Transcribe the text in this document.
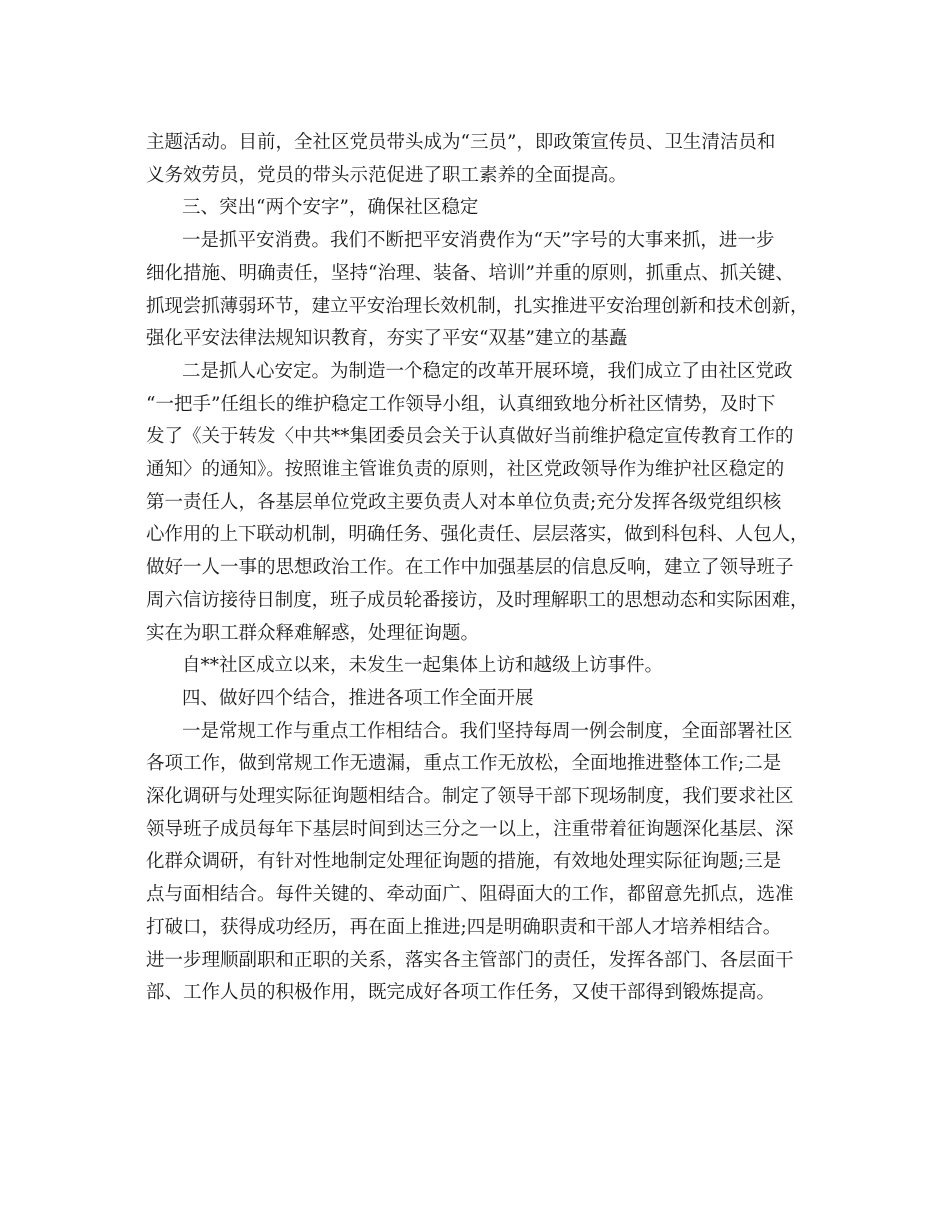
主题活动。目前，全社区党员带头成为“三员”，即政策宣传员、卫生清洁员和

义务效劳员，党员的带头示范促进了职工素养的全面提高。

三、突出“两个安字”，确保社区稳定

一是抓平安消费。我们不断把平安消费作为“天”字号的大事来抓，进一步

细化措施、明确责任，坚持“治理、装备、培训”并重的原则，抓重点、抓关键、

抓现尝抓薄弱环节，建立平安治理长效机制，扎实推进平安治理创新和技术创新，

强化平安法律法规知识教育，夯实了平安“双基”建立的基矗

二是抓人心安定。为制造一个稳定的改革开展环境，我们成立了由社区党政

“一把手”任组长的维护稳定工作领导小组，认真细致地分析社区情势，及时下

发了《关于转发〈中共**集团委员会关于认真做好当前维护稳定宣传教育工作的

通知〉的通知》。按照谁主管谁负责的原则，社区党政领导作为维护社区稳定的

第一责任人，各基层单位党政主要负责人对本单位负责;充分发挥各级党组织核

心作用的上下联动机制，明确任务、强化责任、层层落实，做到科包科、人包人，

做好一人一事的思想政治工作。在工作中加强基层的信息反响，建立了领导班子

周六信访接待日制度，班子成员轮番接访，及时理解职工的思想动态和实际困难，

实在为职工群众释难解惑，处理征询题。

自**社区成立以来，未发生一起集体上访和越级上访事件。

四、做好四个结合，推进各项工作全面开展

一是常规工作与重点工作相结合。我们坚持每周一例会制度，全面部署社区

各项工作，做到常规工作无遗漏，重点工作无放松，全面地推进整体工作;二是

深化调研与处理实际征询题相结合。制定了领导干部下现场制度，我们要求社区

领导班子成员每年下基层时间到达三分之一以上，注重带着征询题深化基层、深

化群众调研，有针对性地制定处理征询题的措施，有效地处理实际征询题;三是

点与面相结合。每件关键的、牵动面广、阻碍面大的工作，都留意先抓点，选准

打破口，获得成功经历，再在面上推进;四是明确职责和干部人才培养相结合。

进一步理顺副职和正职的关系，落实各主管部门的责任，发挥各部门、各层面干

部、工作人员的积极作用，既完成好各项工作任务，又使干部得到锻炼提高。
